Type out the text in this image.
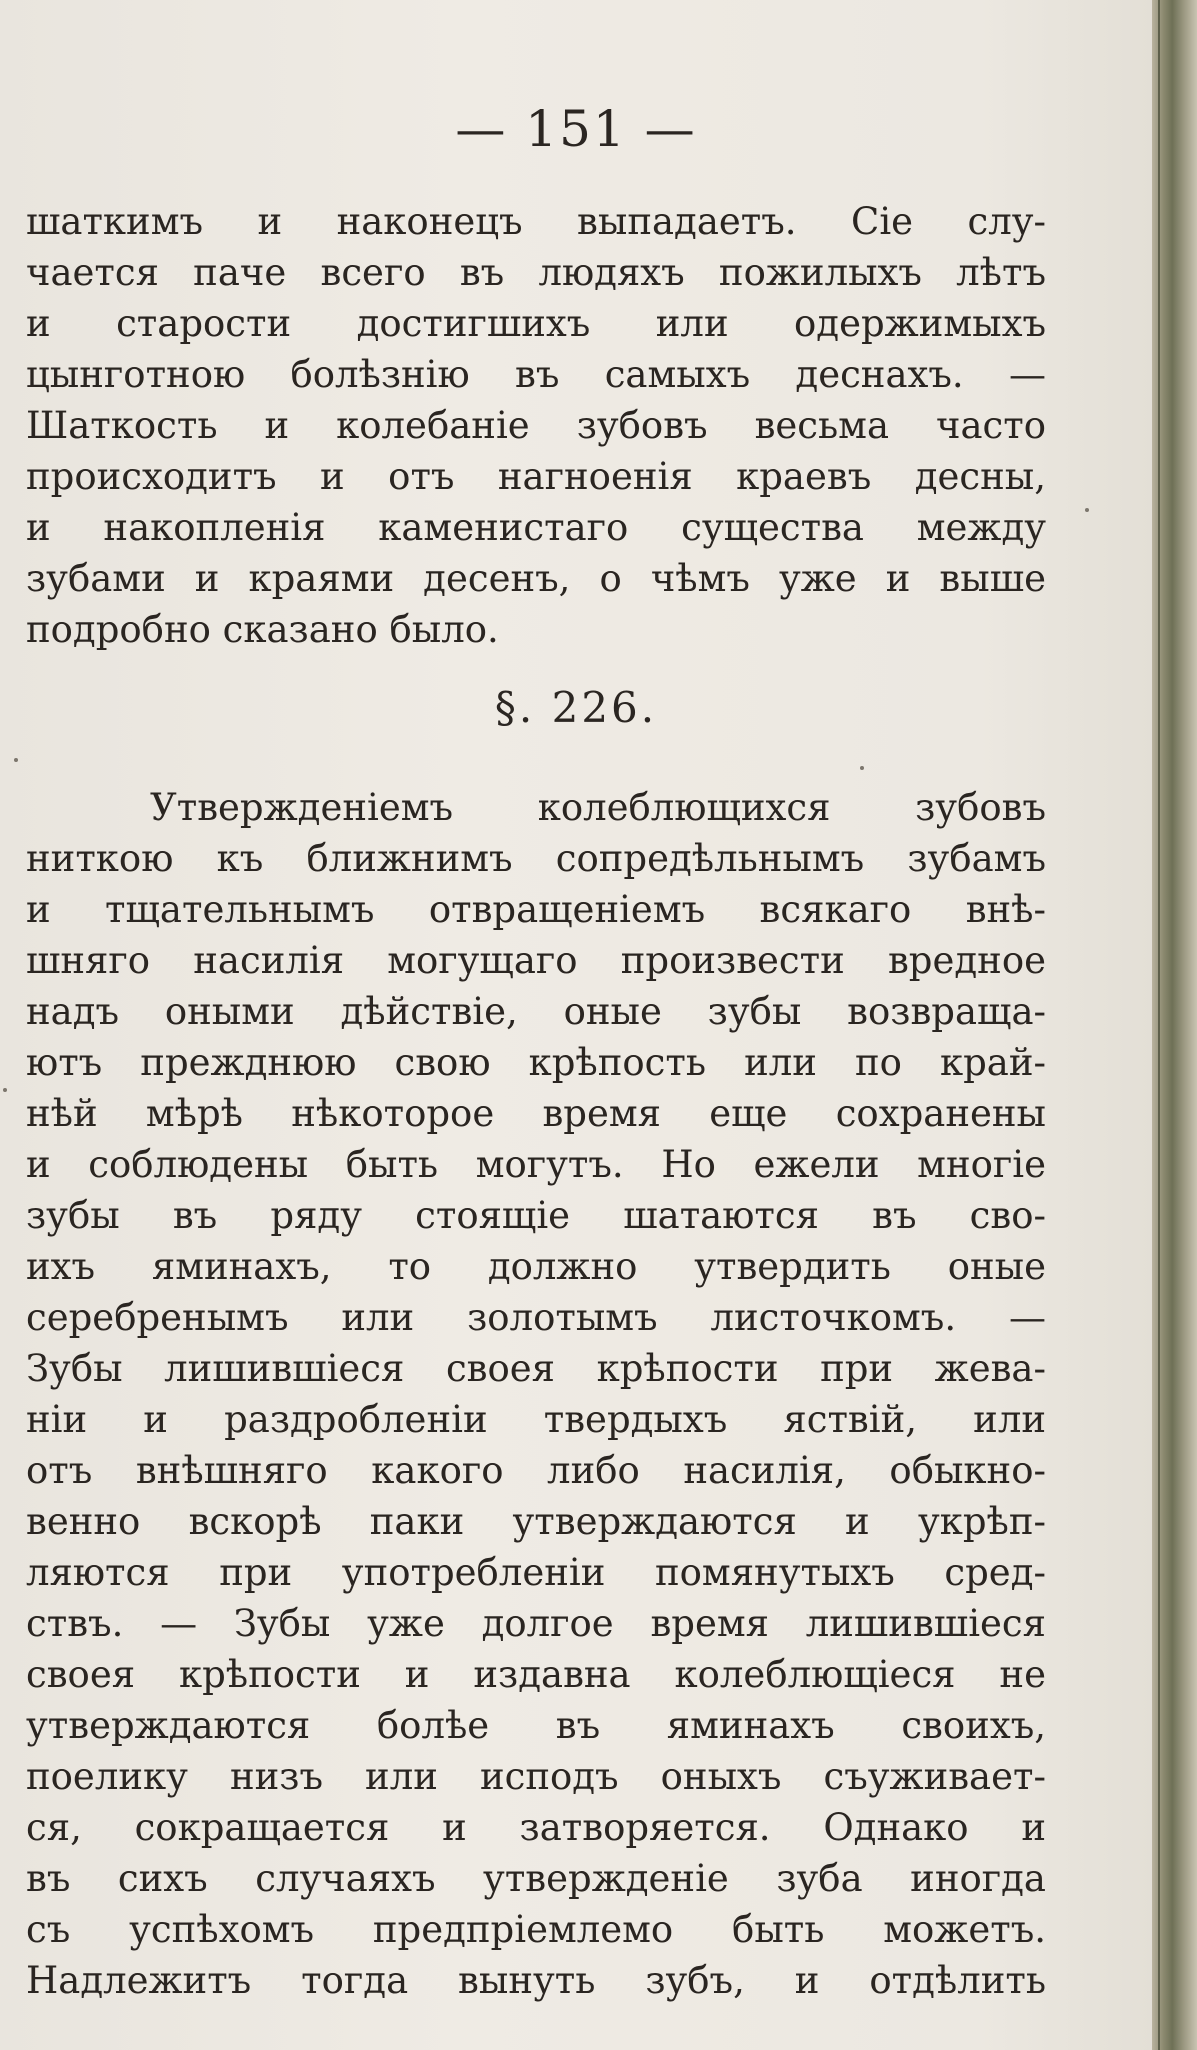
— 151 —
шаткимъ и наконецъ выпадаетъ. Сіе слу-
чается паче всего въ людяхъ пожилыхъ лѣтъ
и старости достигшихъ или одержимыхъ
цынготною болѣзнію въ самыхъ деснахъ. —
Шаткость и колебаніе зубовъ весьма часто
происходитъ и отъ нагноенія краевъ десны,
и накопленія каменистаго существа между
зубами и краями десенъ, о чѣмъ уже и выше
подробно сказано было.
§. 226.
Утвержденіемъ колеблющихся зубовъ
ниткою къ ближнимъ сопредѣльнымъ зубамъ
и тщательнымъ отвращеніемъ всякаго внѣ-
шняго насилія могущаго произвести вредное
надъ оными дѣйствіе, оные зубы возвраща-
ютъ прежднюю свою крѣпость или по край-
нѣй мѣрѣ нѣкоторое время еще сохранены
и соблюдены быть могутъ. Но ежели многіе
зубы въ ряду стоящіе шатаются въ сво-
ихъ яминахъ, то должно утвердить оные
серебренымъ или золотымъ листочкомъ. —
Зубы лишившіеся своея крѣпости при жева-
ніи и раздробленіи твердыхъ яствій, или
отъ внѣшняго какого либо насилія, обыкно-
венно вскорѣ паки утверждаются и укрѣп-
ляются при употребленіи помянутыхъ сред-
ствъ. — Зубы уже долгое время лишившіеся
своея крѣпости и издавна колеблющіеся не
утверждаются болѣе въ яминахъ своихъ,
поелику низъ или исподъ оныхъ съуживает-
ся, сокращается и затворяется. Однако и
въ сихъ случаяхъ утвержденіе зуба иногда
съ успѣхомъ предпріемлемо быть можетъ.
Надлежитъ тогда вынуть зубъ, и отдѣлить
